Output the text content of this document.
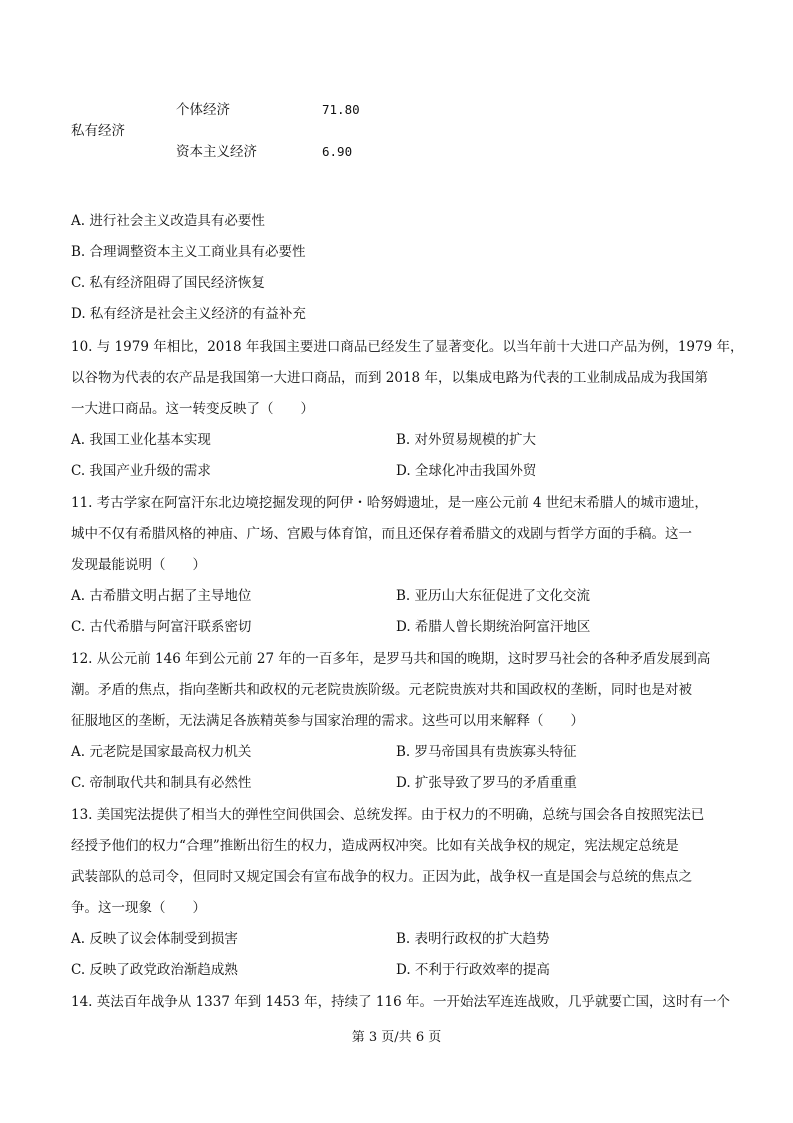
私有经济
个体经济	71.80
资本主义经济	6.90
A. 进行社会主义改造具有必要性
B. 合理调整资本主义工商业具有必要性
C. 私有经济阻碍了国民经济恢复
D. 私有经济是社会主义经济的有益补充
10. 与 1979 年相比，2018 年我国主要进口商品已经发生了显著变化。以当年前十大进口产品为例，1979 年，
以谷物为代表的农产品是我国第一大进口商品，而到 2018 年，以集成电路为代表的工业制成品成为我国第
一大进口商品。这一转变反映了（　　）
A. 我国工业化基本实现	B. 对外贸易规模的扩大
C. 我国产业升级的需求	D. 全球化冲击我国外贸
11. 考古学家在阿富汗东北边境挖掘发现的阿伊・哈努姆遗址，是一座公元前 4 世纪末希腊人的城市遗址，
城中不仅有希腊风格的神庙、广场、宫殿与体育馆，而且还保存着希腊文的戏剧与哲学方面的手稿。这一
发现最能说明（　　）
A. 古希腊文明占据了主导地位	B. 亚历山大东征促进了文化交流
C. 古代希腊与阿富汗联系密切	D. 希腊人曾长期统治阿富汗地区
12. 从公元前 146 年到公元前 27 年的一百多年，是罗马共和国的晚期，这时罗马社会的各种矛盾发展到高
潮。矛盾的焦点，指向垄断共和政权的元老院贵族阶级。元老院贵族对共和国政权的垄断，同时也是对被
征服地区的垄断，无法满足各族精英参与国家治理的需求。这些可以用来解释（　　）
A. 元老院是国家最高权力机关	B. 罗马帝国具有贵族寡头特征
C. 帝制取代共和制具有必然性	D. 扩张导致了罗马的矛盾重重
13. 美国宪法提供了相当大的弹性空间供国会、总统发挥。由于权力的不明确，总统与国会各自按照宪法已
经授予他们的权力“合理”推断出衍生的权力，造成两权冲突。比如有关战争权的规定，宪法规定总统是
武装部队的总司令，但同时又规定国会有宣布战争的权力。正因为此，战争权一直是国会与总统的焦点之
争。这一现象（　　）
A. 反映了议会体制受到损害	B. 表明行政权的扩大趋势
C. 反映了政党政治渐趋成熟	D. 不利于行政效率的提高
14. 英法百年战争从 1337 年到 1453 年，持续了 116 年。一开始法军连连战败，几乎就要亡国，这时有一个
第 3 页/共 6 页
